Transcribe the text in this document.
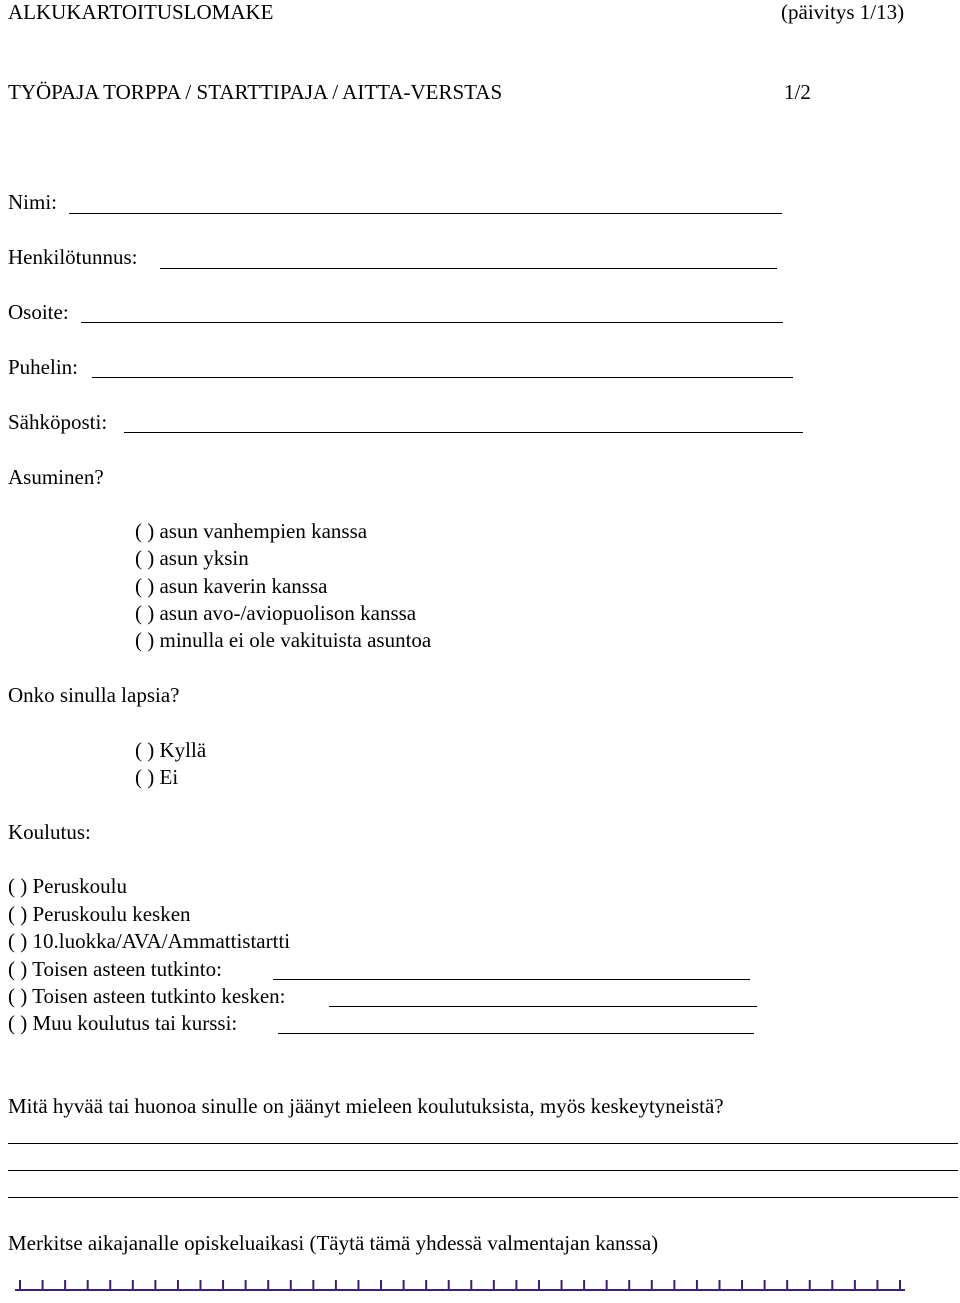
ALKUKARTOITUSLOMAKE	(päivitys 1/13)
TYÖPAJA TORPPA / STARTTIPAJA / AITTA-VERSTAS	1/2
Nimi:
Henkilötunnus:
Osoite:
Puhelin:
Sähköposti:
Asuminen?
( ) asun vanhempien kanssa
( ) asun yksin
( ) asun kaverin kanssa
( ) asun avo-/aviopuolison kanssa
( ) minulla ei ole vakituista asuntoa
Onko sinulla lapsia?
( ) Kyllä
( ) Ei
Koulutus:
( ) Peruskoulu
( ) Peruskoulu kesken
( ) 10.luokka/AVA/Ammattistartti
( ) Toisen asteen tutkinto:
( ) Toisen asteen tutkinto kesken:
( ) Muu koulutus tai kurssi:
Mitä hyvää tai huonoa sinulle on jäänyt mieleen koulutuksista, myös keskeytyneistä?
Merkitse aikajanalle opiskeluaikasi (Täytä tämä yhdessä valmentajan kanssa)
